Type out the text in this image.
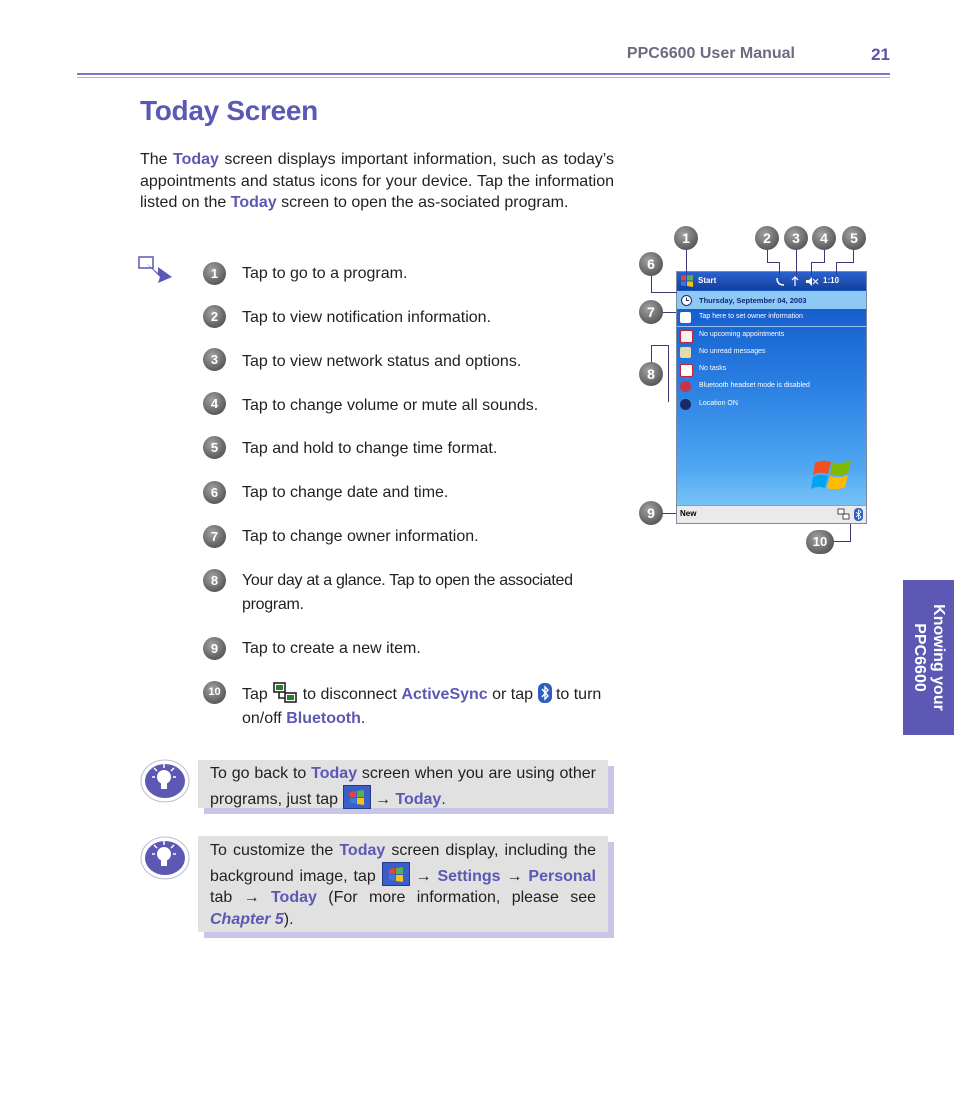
PPC6600 User Manual	21
Today Screen

The Today screen displays important information, such as today’s appointments and status icons for your device. Tap the information listed on the Today screen to open the as-sociated program.

1	Tap to go to a program.
2	Tap to view notification information.
3	Tap to view network status and options.
4	Tap to change volume or mute all sounds.
5	Tap and hold to change time format.
6	Tap to change date and time.
7	Tap to change owner information.
8	Your day at a glance. Tap to open the associated program.
9	Tap to create a new item.
10	Tap  to disconnect ActiveSync or tap  to turn on/off Bluetooth.

To go back to Today screen when you are using other programs, just tap
→ Today.

To customize the Today screen display, including the background image, tap
→ Settings → Personal tab → Today (For more information, please see Chapter 5).

Start	1:10
Thursday, September 04, 2003
Tap here to set owner information
No upcoming appointments
No unread messages
No tasks
Bluetooth headset mode is disabled
Location ON
New
1	2	3	4	5
6
7
8
9
10
Knowing your
PPC6600
